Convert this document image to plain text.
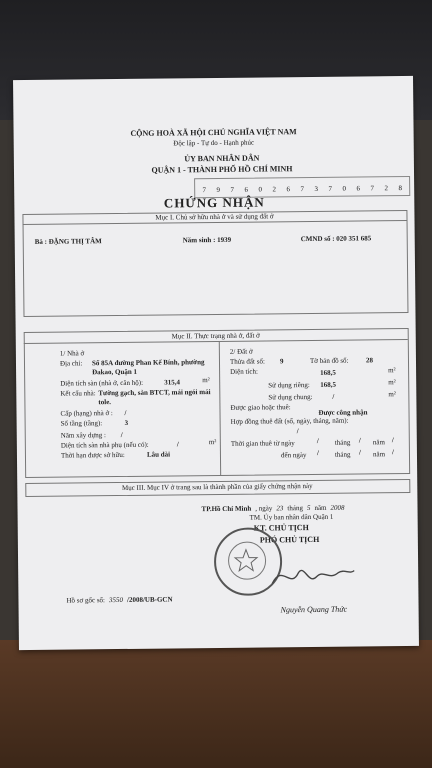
CỘNG HOÀ XÃ HỘI CHỦ NGHĨA VIỆT NAM
Độc lập - Tự do - Hạnh phúc
ỦY BAN NHÂN DÂN
QUẬN 1 - THÀNH PHỐ HỒ CHÍ MINH
7 9 7 6 0 2 6 7 3 7 0 6 7 2 8
CHỨNG NHẬN
Mục I. Chủ sở hữu nhà ở và sử dụng đất ở
Bà : ĐẶNG THỊ TÂM	Năm sinh : 1939	CMND số : 020 351 685
Mục II. Thực trạng nhà ở, đất ở
1/ Nhà ở
Địa chỉ: Số 85A đường Phan Kế Bính, phường Đakao, Quận 1
Diện tích sàn (nhà ở, căn hộ):	315,4	m²
Kết cấu nhà: Tường gạch, sàn BTCT, mái ngói mái tole.
Cấp (hạng) nhà ở : /
Số tầng (tầng):	3
Năm xây dựng : /
Diện tích sàn nhà phụ (nếu có):	/	m²
Thời hạn được sở hữu:	Lâu dài
2/ Đất ở
Thửa đất số: 9	Tờ bản đồ số: 28
Diện tích:	168,5	m²
Sử dụng riêng: 168,5	m²
Sử dụng chung:	/	m²
Được giao hoặc thuê:
Được công nhận
Hợp đồng thuê đất (số, ngày, tháng, năm):
/
Thời gian thuê từ ngày	/ tháng / năm /
đến ngày / tháng / năm /
Mục III. Mục IV ở trang sau là thành phần của giấy chứng nhận này
TP.Hồ Chí Minh , ngày 23 tháng 5 năm 2008
TM. Ủy ban nhân dân Quận 1
KT. CHỦ TỊCH
PHÓ CHỦ TỊCH
Nguyễn Quang Thức
Hồ sơ gốc số: 3550 /2008/UB-GCN
